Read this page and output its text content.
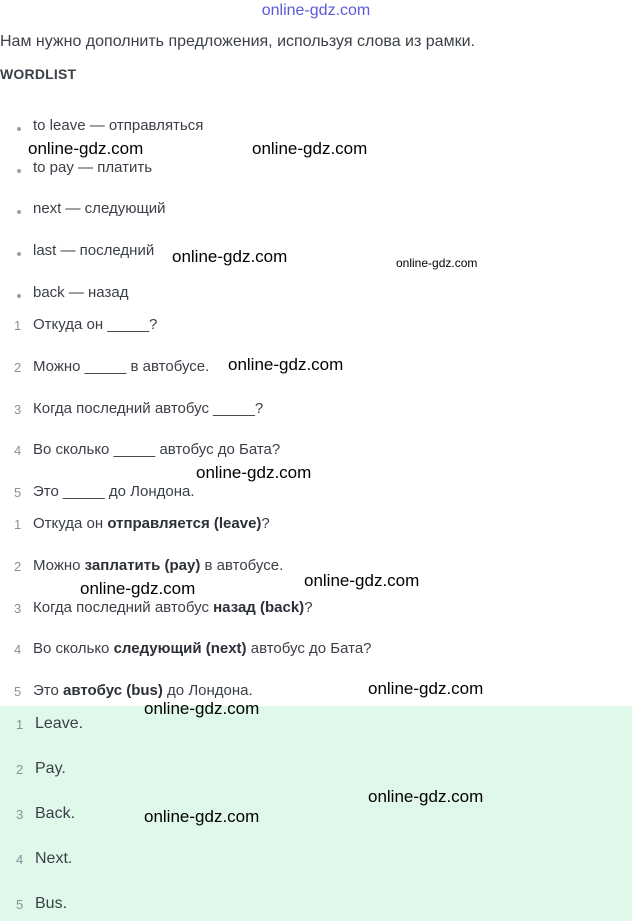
online-gdz.com
Нам нужно дополнить предложения, используя слова из рамки.
WORDLIST
to leave — отправляться
to pay — платить
next — следующий
last — последний
back — назад
1 Откуда он _____?
2 Можно _____ в автобусе.
3 Когда последний автобус _____?
4 Во сколько _____ автобус до Бата?
5 Это _____ до Лондона.
1 Откуда он отправляется (leave)?
2 Можно заплатить (pay) в автобусе.
3 Когда последний автобус назад (back)?
4 Во сколько следующий (next) автобус до Бата?
5 Это автобус (bus) до Лондона.
1 Leave.
2 Pay.
3 Back.
4 Next.
5 Bus.
online-gdz.com	online-gdz.com
online-gdz.com	online-gdz.com
online-gdz.com
online-gdz.com
online-gdz.com	online-gdz.com
online-gdz.com
online-gdz.com
online-gdz.com
online-gdz.com
